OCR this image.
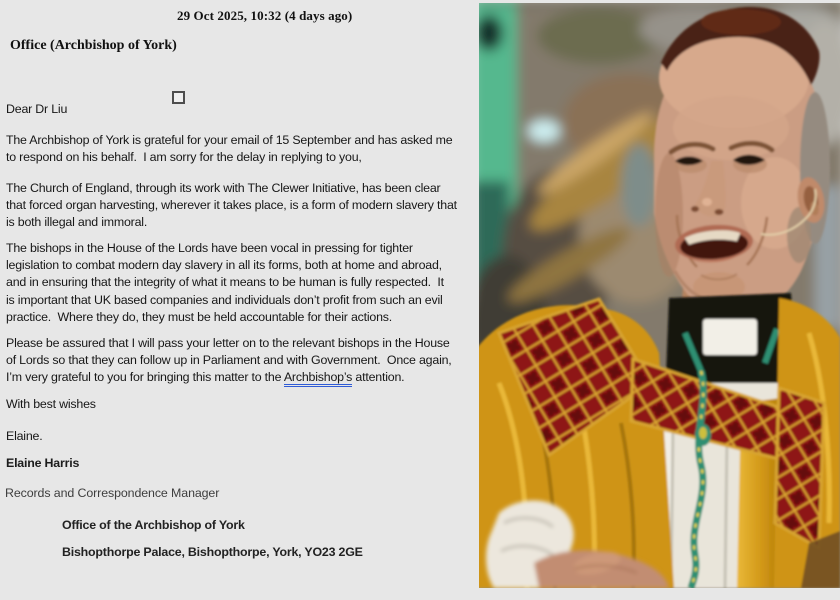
29 Oct 2025, 10:32 (4 days ago)
Office (Archbishop of York)
Dear Dr Liu
The Archbishop of York is grateful for your email of 15 September and has asked me
to respond on his behalf.  I am sorry for the delay in replying to you,
The Church of England, through its work with The Clewer Initiative, has been clear
that forced organ harvesting, wherever it takes place, is a form of modern slavery that
is both illegal and immoral.
The bishops in the House of the Lords have been vocal in pressing for tighter
legislation to combat modern day slavery in all its forms, both at home and abroad,
and in ensuring that the integrity of what it means to be human is fully respected.  It
is important that UK based companies and individuals don’t profit from such an evil
practice.  Where they do, they must be held accountable for their actions.
Please be assured that I will pass your letter on to the relevant bishops in the House
of Lords so that they can follow up in Parliament and with Government.  Once again,
I’m very grateful to you for bringing this matter to the Archbishop’s attention.
With best wishes
Elaine.
Elaine Harris
Records and Correspondence Manager
Office of the Archbishop of York
Bishopthorpe Palace, Bishopthorpe, York, YO23 2GE
